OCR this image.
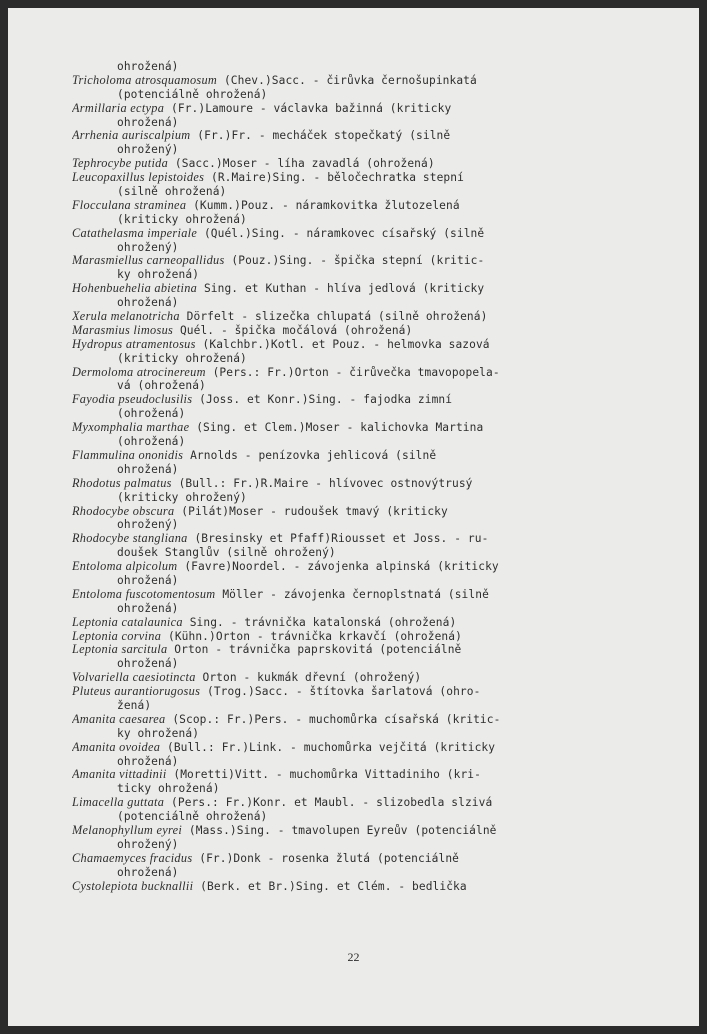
ohrožená)
Tricholoma atrosquamosum (Chev.)Sacc. - čirůvka černošupinkatá
(potenciálně ohrožená)
Armillaria ectypa (Fr.)Lamoure - václavka bažinná (kriticky
ohrožená)
Arrhenia auriscalpium (Fr.)Fr. - mecháček stopečkatý (silně
ohrožený)
Tephrocybe putida (Sacc.)Moser - líha zavadlá (ohrožená)
Leucopaxillus lepistoides (R.Maire)Sing. - běločechratka stepní
(silně ohrožená)
Flocculana straminea (Kumm.)Pouz. - náramkovitka žlutozelená
(kriticky ohrožená)
Catathelasma imperiale (Quél.)Sing. - náramkovec císařský (silně
ohrožený)
Marasmiellus carneopallidus (Pouz.)Sing. - špička stepní (kritic-
ky ohrožená)
Hohenbuehelia abietina Sing. et Kuthan - hlíva jedlová (kriticky
ohrožená)
Xerula melanotricha Dörfelt - slizečka chlupatá (silně ohrožená)
Marasmius limosus Quél. - špička močálová (ohrožená)
Hydropus atramentosus (Kalchbr.)Kotl. et Pouz. - helmovka sazová
(kriticky ohrožená)
Dermoloma atrocinereum (Pers.: Fr.)Orton - čirůvečka tmavopopela-
vá (ohrožená)
Fayodia pseudoclusilis (Joss. et Konr.)Sing. - fajodka zimní
(ohrožená)
Myxomphalia marthae (Sing. et Clem.)Moser - kalichovka Martina
(ohrožená)
Flammulina ononidis Arnolds - penízovka jehlicová (silně
ohrožená)
Rhodotus palmatus (Bull.: Fr.)R.Maire - hlívovec ostnovýtrusý
(kriticky ohrožený)
Rhodocybe obscura (Pilát)Moser - rudoušek tmavý (kriticky
ohrožený)
Rhodocybe stangliana (Bresinsky et Pfaff)Riousset et Joss. - ru-
doušek Stanglův (silně ohrožený)
Entoloma alpicolum (Favre)Noordel. - závojenka alpinská (kriticky
ohrožená)
Entoloma fuscotomentosum Möller - závojenka černoplstnatá (silně
ohrožená)
Leptonia catalaunica Sing. - trávnička katalonská (ohrožená)
Leptonia corvina (Kühn.)Orton - trávnička krkavčí (ohrožená)
Leptonia sarcitula Orton - trávnička paprskovitá (potenciálně
ohrožená)
Volvariella caesiotincta Orton - kukmák dřevní (ohrožený)
Pluteus aurantiorugosus (Trog.)Sacc. - štítovka šarlatová (ohro-
žená)
Amanita caesarea (Scop.: Fr.)Pers. - muchomůrka císařská (kritic-
ky ohrožená)
Amanita ovoidea (Bull.: Fr.)Link. - muchomůrka vejčitá (kriticky
ohrožená)
Amanita vittadinii (Moretti)Vitt. - muchomůrka Vittadiniho (kri-
ticky ohrožená)
Limacella guttata (Pers.: Fr.)Konr. et Maubl. - slizobedla slzivá
(potenciálně ohrožená)
Melanophyllum eyrei (Mass.)Sing. - tmavolupen Eyreův (potenciálně
ohrožený)
Chamaemyces fracidus (Fr.)Donk - rosenka žlutá (potenciálně
ohrožená)
Cystolepiota bucknallii (Berk. et Br.)Sing. et Clém. - bedlička
22
